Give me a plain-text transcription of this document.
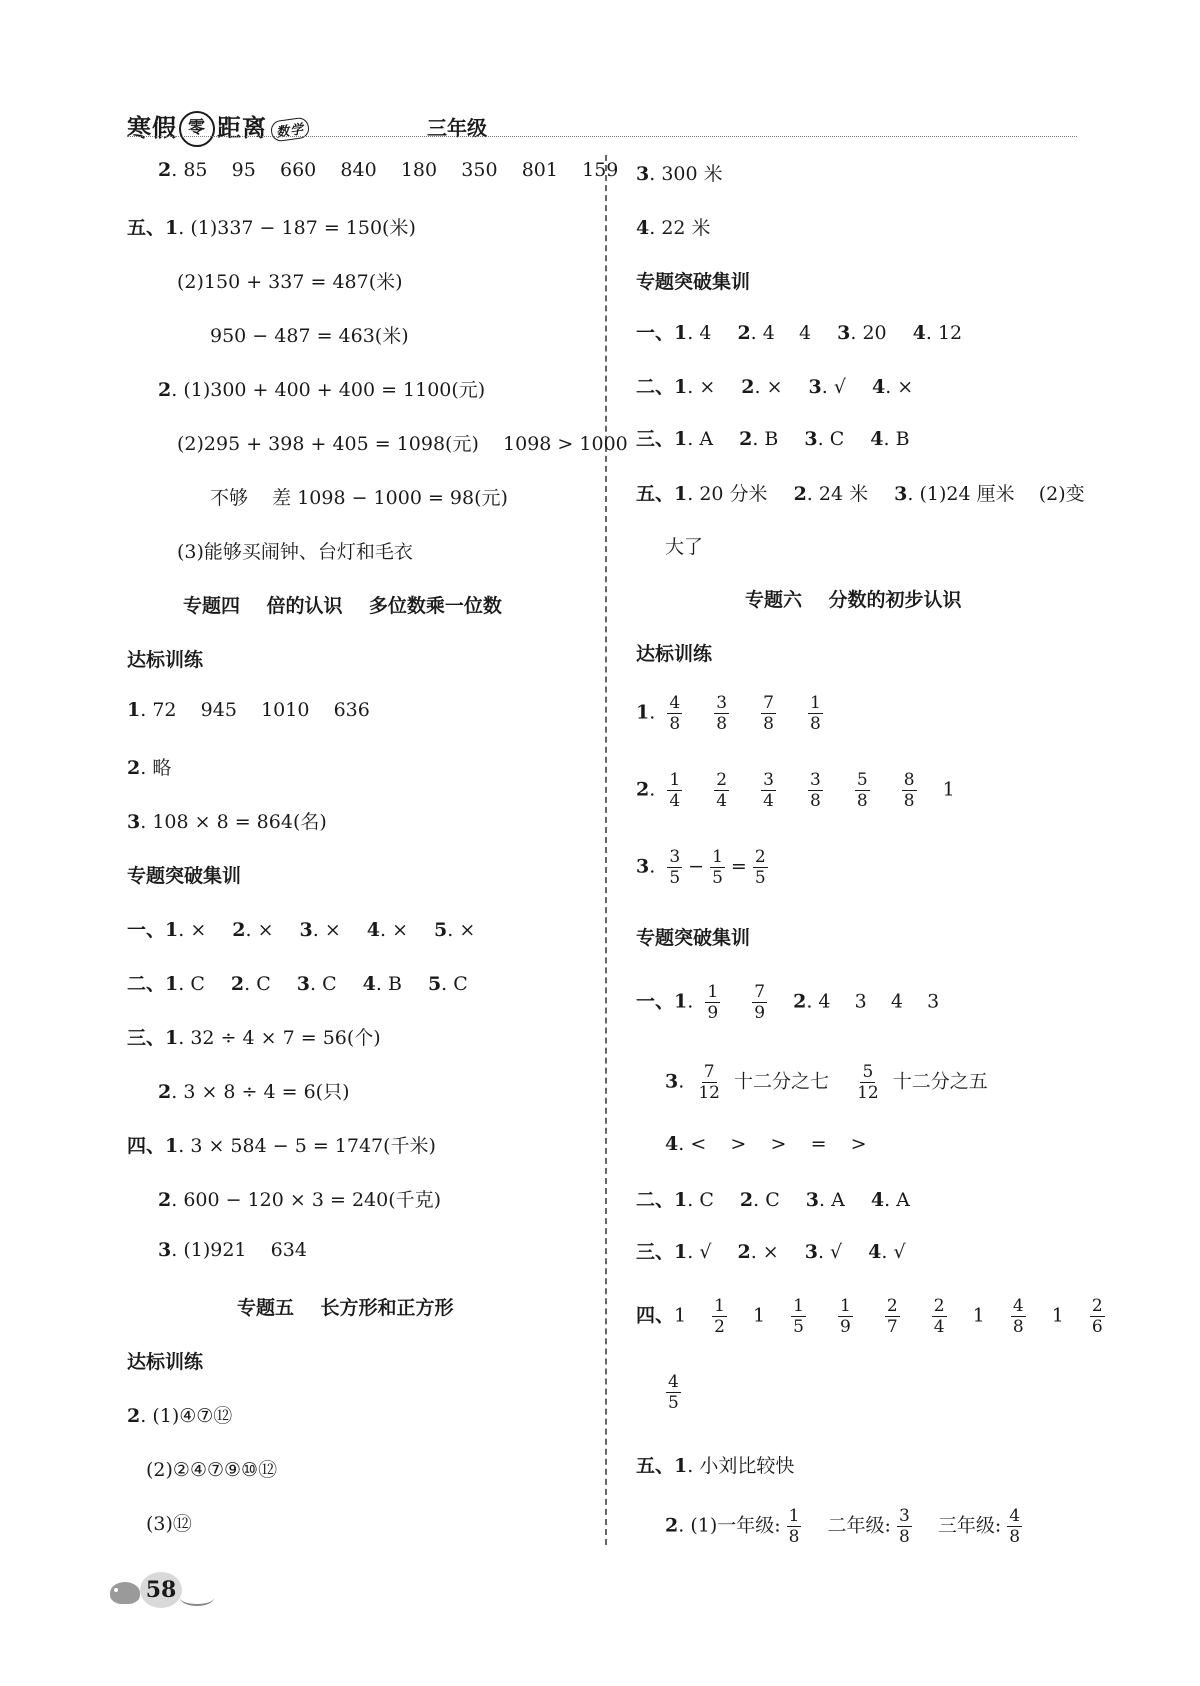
寒假 零 距离 数学	三年级
2. 85    95    660    840    180    350    801    159
五、1. (1)337 − 187 = 150(米)
(2)150 + 337 = 487(米)
950 − 487 = 463(米)
2. (1)300 + 400 + 400 = 1100(元)
(2)295 + 398 + 405 = 1098(元)    1098 > 1000
不够    差 1098 − 1000 = 98(元)
(3)能够买闹钟、台灯和毛衣
专题四    倍的认识    多位数乘一位数
达标训练
1. 72    945    1010    636
2. 略
3. 108 × 8 = 864(名)
专题突破集训
一、1. × 2. × 3. × 4. × 5. ×
二、1. C 2. C 3. C 4. B 5. C
三、1. 32 ÷ 4 × 7 = 56(个)
2. 3 × 8 ÷ 4 = 6(只)
四、1. 3 × 584 − 5 = 1747(千米)
2. 600 − 120 × 3 = 240(千克)
3. (1)921    634
专题五    长方形和正方形
达标训练
2. (1)④⑦⑫
(2)②④⑦⑨⑩⑫
(3)⑫
3. 300 米
4. 22 米
专题突破集训
一、1. 4 2. 4    4 3. 20 4. 12
二、1. × 2. × 3. √ 4. ×
三、1. A 2. B 3. C 4. B
五、1. 20 分米 2. 24 米 3. (1)24 厘米    (2)变
大了
专题六    分数的初步认识
达标训练
1. $\frac{4}{8}$
$\frac{3}{8}$
$\frac{7}{8}$
$\frac{1}{8}$
2. $\frac{1}{4}$
$\frac{2}{4}$
$\frac{3}{4}$
$\frac{3}{8}$
$\frac{5}{8}$
$\frac{8}{8} 1$
3. $\frac{3}{5} - \frac{1}{5} = \frac{2}{5}$
专题突破集训
一、1. $\frac{1}{9}$
$\frac{7}{9} 2$. 4    3    4    3
3. $\frac{7}{12}$ 十二分之七 $\frac{5}{12}$ 十二分之五
4. <    >    >    =    >
二、1. C 2. C 3. A 4. A
三、1. √ 2. × 3. √ 4. √
四、$1 \frac{1}{2} 1 \frac{1}{5}$
$\frac{1}{9}$
$\frac{2}{7}$
$\frac{2}{4} 1 \frac{4}{8} 1 \frac{2}{6}$
$\frac{4}{5}$
五、1. 小刘比较快
2. (1)一年级: $\frac{1}{8}$ 二年级: $\frac{3}{8}$ 三年级: $\frac{4}{8}$
58
